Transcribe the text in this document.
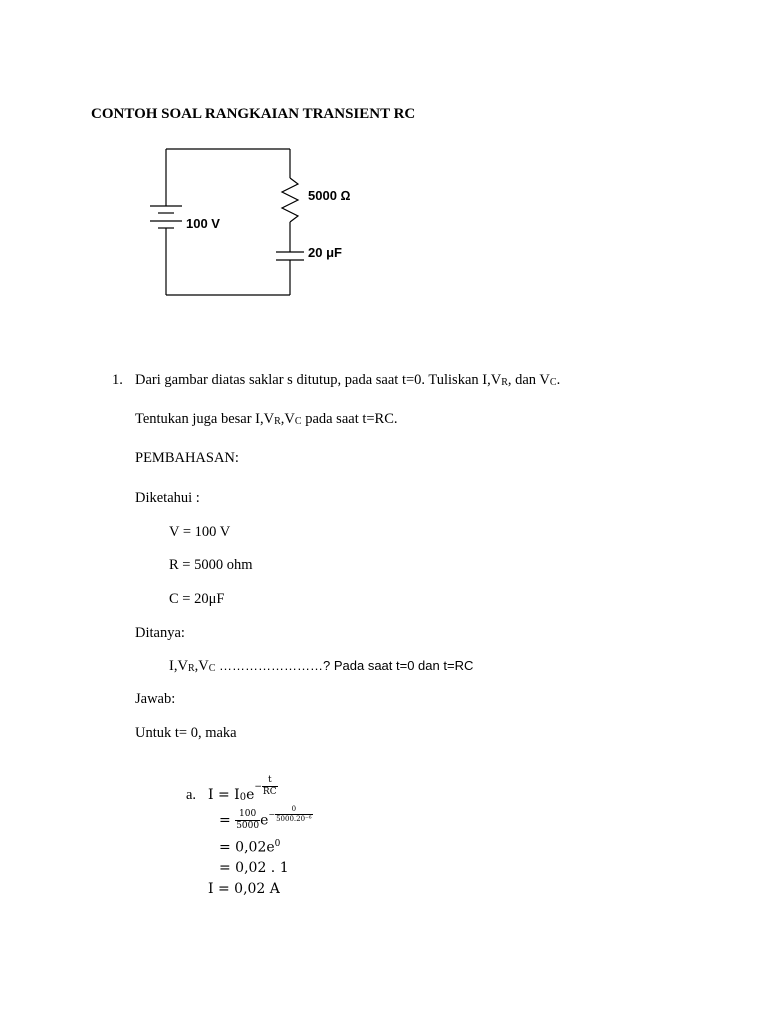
CONTOH SOAL RANGKAIAN TRANSIENT RC
100 V
5000 Ω
20 μF
1. Dari gambar diatas saklar s ditutup, pada saat t=0. Tuliskan $I,V_R$, dan $V_C$.
Tentukan juga besar $I,V_R,V_C$ pada saat t=RC.
PEMBAHASAN:
Diketahui :
V = 100 V
R = 5000 ohm
C = 20μF
Ditanya:
$I,V_R,V_C$ ……………………? Pada saat t=0 dan t=RC
Jawab:
Untuk t= 0, maka
a. $I = I_0e^{- \frac{t}{RC}}$
= $\frac{100}{5000} e^{- \frac{0}{\text{5000.20⁻⁶}}}$
= $0,02e^0$
= 0,02 . 1
I = 0,02 A
